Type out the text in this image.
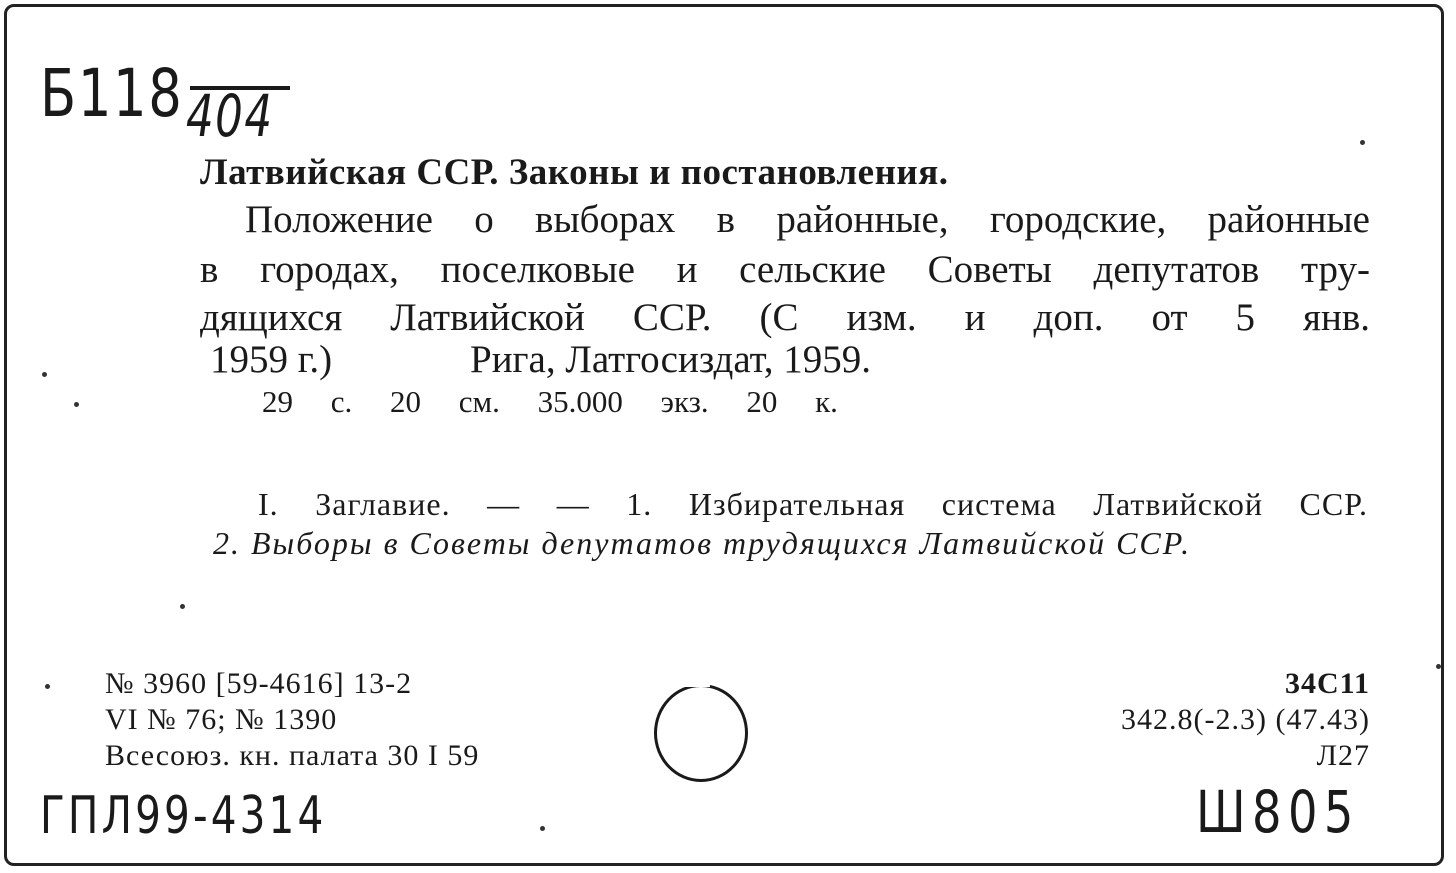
Б118 404
Латвийская ССР. Законы и постановления.
Положение о выборах в районные, городские, районные
в городах, поселковые и сельские Советы депутатов тру-
дящихся Латвийской ССР. (С изм. и доп. от 5 янв.
1959 г.)	Рига, Латгосиздат, 1959.
29 с. 20 см. 35.000 экз. 20 к.
I. Заглавие. — — 1. Избирательная система Латвийской ССР.
2. Выборы в Советы депутатов трудящихся Латвийской ССР.
№ 3960 [59-4616] 13-2
VI № 76; № 1390
Всесоюз. кн. палата 30 I 59
34С11
342.8(-2.3) (47.43)
Л27
ГПЛ99-4314	Ш805
